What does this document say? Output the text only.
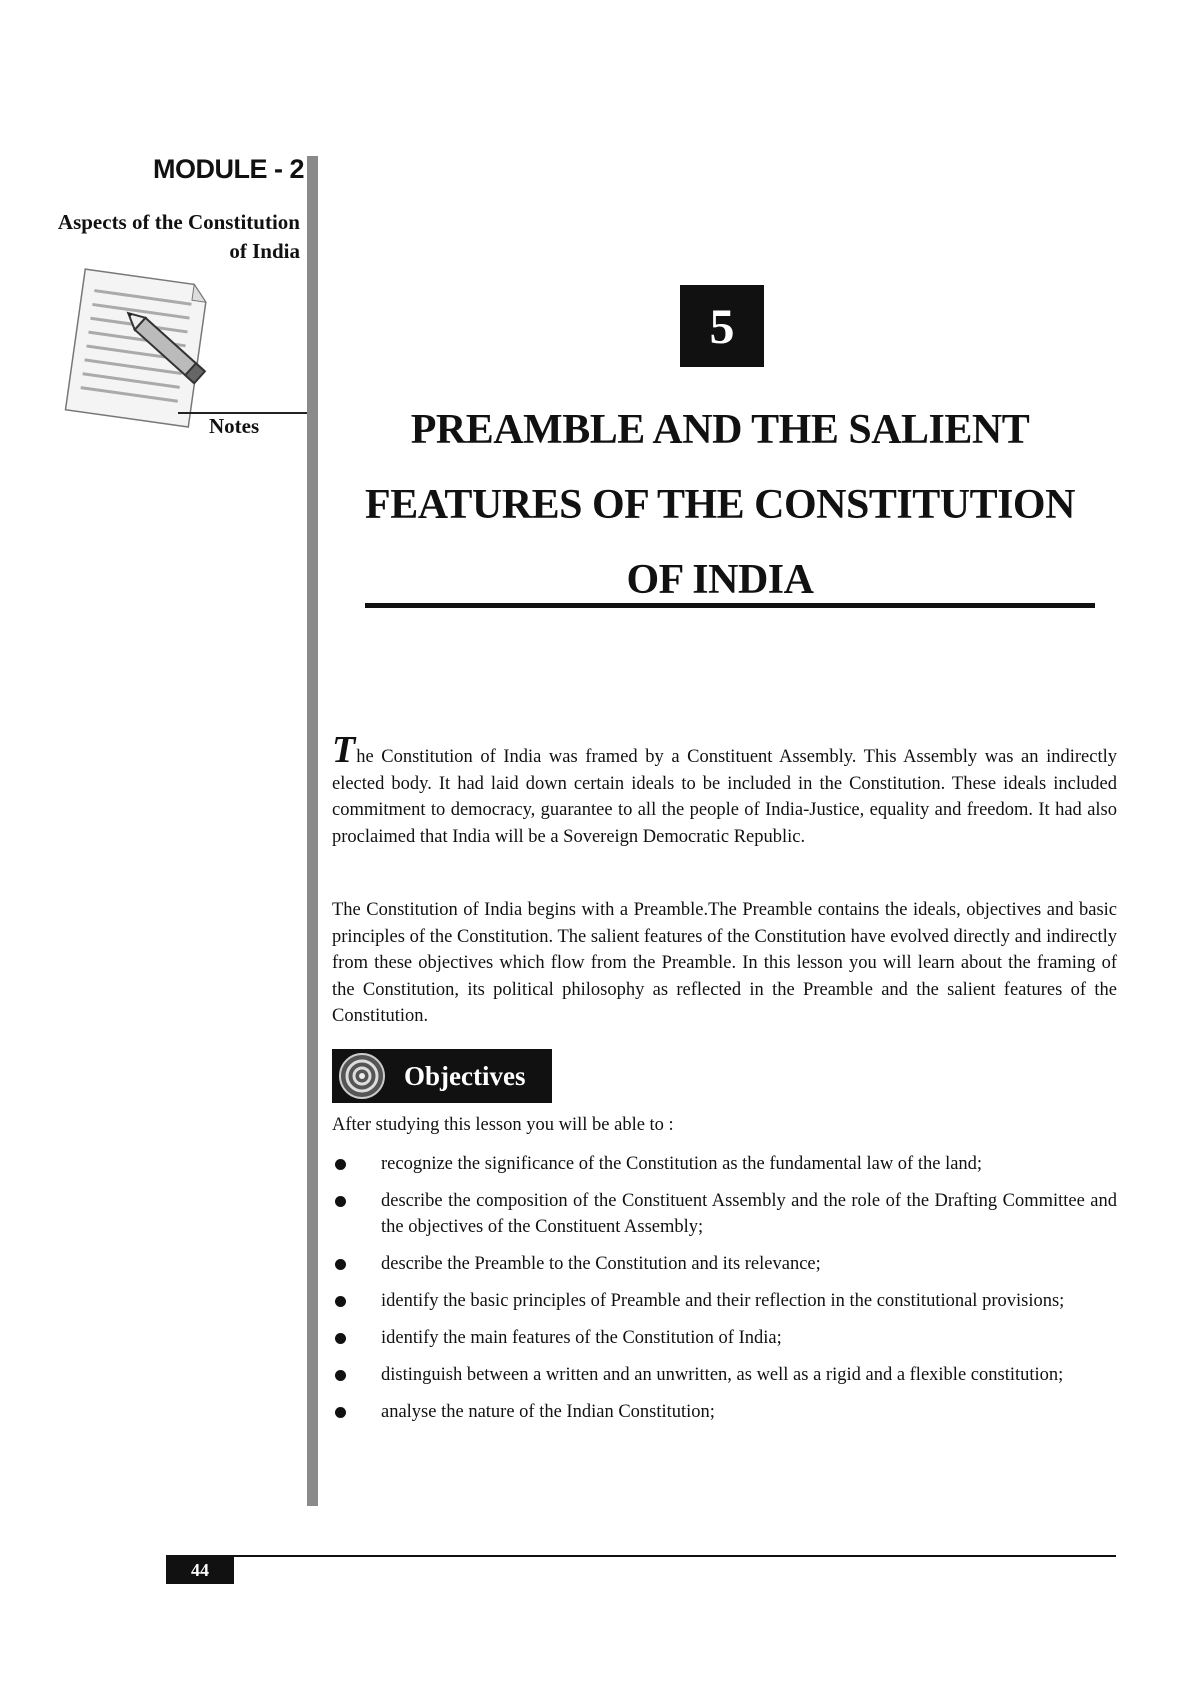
MODULE - 2
Aspects of the Constitution of India
Notes
5
PREAMBLE AND THE SALIENT FEATURES OF THE CONSTITUTION OF INDIA
The Constitution of India was framed by a Constituent Assembly. This Assembly was an indirectly elected body. It had laid down certain ideals to be included in the Constitution. These ideals included commitment to democracy, guarantee to all the people of India-Justice, equality and freedom. It had also proclaimed that India will be a Sovereign Democratic Republic.
The Constitution of India begins with a Preamble.The Preamble contains the ideals, objectives and basic principles of the Constitution. The salient features of the Constitution have evolved directly and indirectly from these objectives which flow from the Preamble. In this lesson you will learn about the framing of the Constitution, its political philosophy as reflected in the Preamble and the salient features of the Constitution.
Objectives
After studying this lesson you will be able to :
recognize the significance of the Constitution as the fundamental law of the land;
describe the composition of the Constituent Assembly and the role of the Drafting Committee and the objectives of the Constituent Assembly;
describe the Preamble to the Constitution and its relevance;
identify the basic principles of Preamble and their reflection in the constitutional provisions;
identify the main features of the Constitution of India;
distinguish between a written and an unwritten, as well as a rigid and a flexible constitution;
analyse the nature of the Indian Constitution;
44
